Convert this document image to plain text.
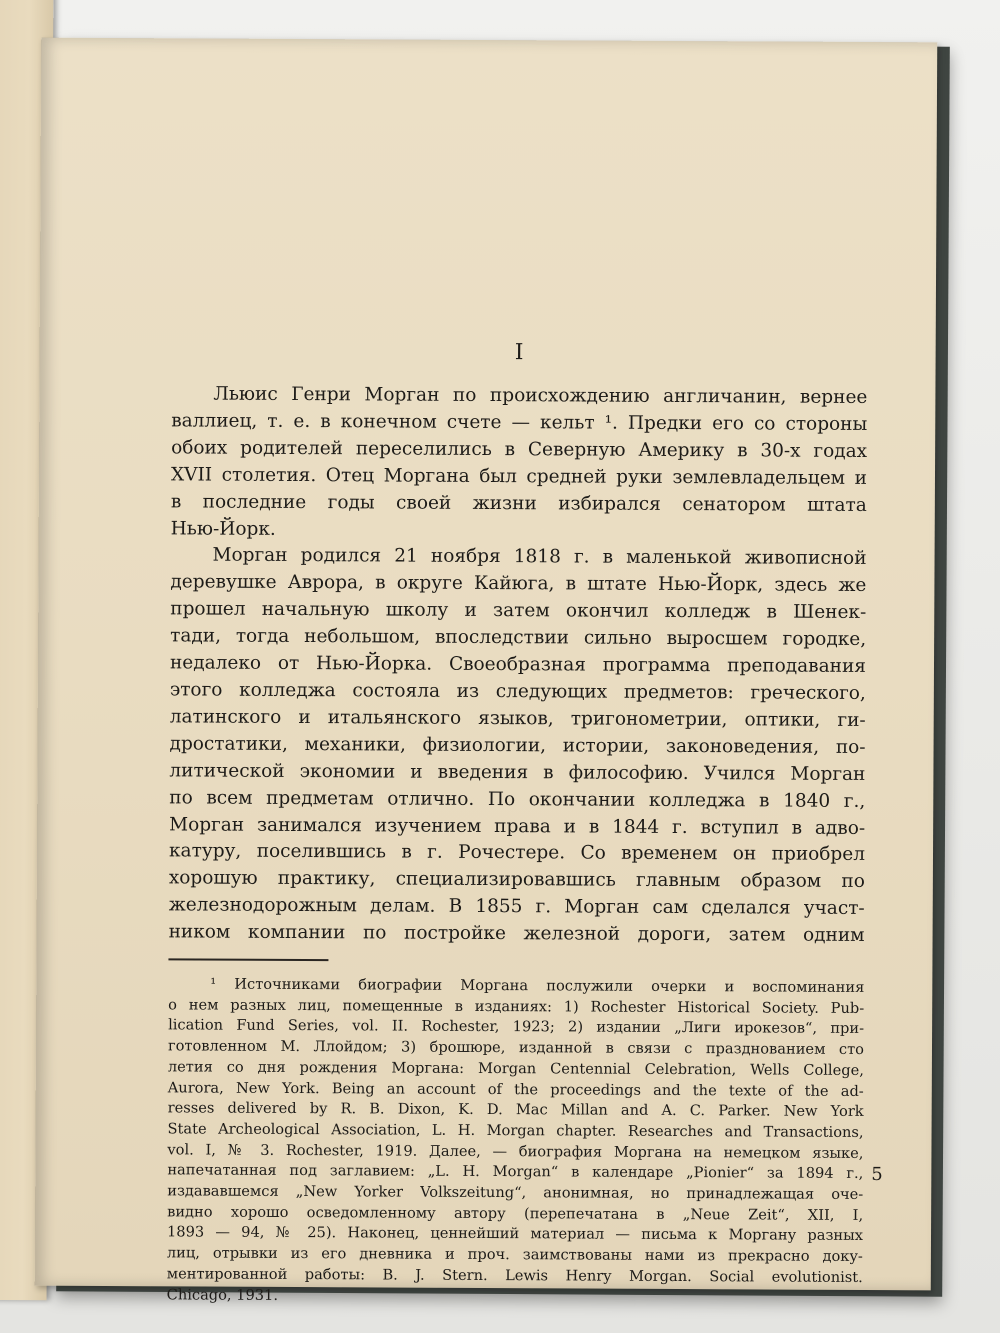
I
Льюис Генри Морган по происхождению англичанин, вернее
валлиец, т. е. в конечном счете — кельт ¹. Предки его со стороны
обоих родителей переселились в Северную Америку в 30-х годах
XVII столетия. Отец Моргана был средней руки землевладельцем и
в последние годы своей жизни избирался сенатором штата
Нью-Йорк.
Морган родился 21 ноября 1818 г. в маленькой живописной
деревушке Аврора, в округе Кайюга, в штате Нью-Йорк, здесь же
прошел начальную школу и затем окончил колледж в Шенек-
тади, тогда небольшом, впоследствии сильно выросшем городке,
недалеко от Нью-Йорка. Своеобразная программа преподавания
этого колледжа состояла из следующих предметов: греческого,
латинского и итальянского языков, тригонометрии, оптики, ги-
дростатики, механики, физиологии, истории, законоведения, по-
литической экономии и введения в философию. Учился Морган
по всем предметам отлично. По окончании колледжа в 1840 г.,
Морган занимался изучением права и в 1844 г. вступил в адво-
катуру, поселившись в г. Рочестере. Со временем он приобрел
хорошую практику, специализировавшись главным образом по
железнодорожным делам. В 1855 г. Морган сам сделался участ-
ником компании по постройке железной дороги, затем одним
¹ Источниками биографии Моргана послужили очерки и воспоминания
о нем разных лиц, помещенные в изданиях: 1) Rochester Historical Society. Pub-
lication Fund Series, vol. II. Rochester, 1923; 2) издании „Лиги ирокезов“, при-
готовленном М. Ллойдом; 3) брошюре, изданной в связи с празднованием сто
летия со дня рождения Моргана: Morgan Centennial Celebration, Wells College,
Aurora, New York. Being an account of the proceedings and the texte of the ad-
resses delivered by R. B. Dixon, K. D. Mac Millan and A. C. Parker. New York
State Archeological Association, L. H. Morgan chapter. Researches and Transactions,
vol. I, № 3. Rochester, 1919. Далее, — биография Моргана на немецком языке,
напечатанная под заглавием: „L. H. Morgan“ в календаре „Pionier“ за 1894 г.,
издававшемся „New Yorker Volkszeitung“, анонимная, но принадлежащая оче-
видно хорошо осведомленному автору (перепечатана в „Neue Zeit“, XII, I,
1893 — 94, № 25). Наконец, ценнейший материал — письма к Моргану разных
лиц, отрывки из его дневника и проч. заимствованы нами из прекрасно доку-
ментированной работы: B. J. Stern. Lewis Henry Morgan. Social evolutionist.
Chicago, 1931.
5
